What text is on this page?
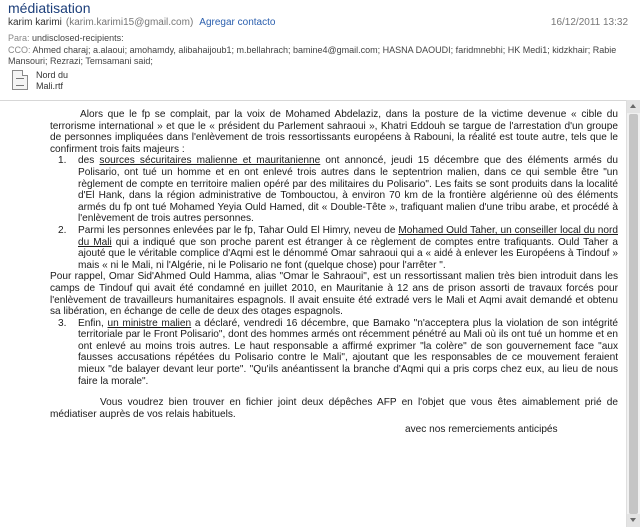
médiatisation
karim karimi (karim.karimi15@gmail.com) Agregar contacto	16/12/2011 13:32
Para: undisclosed-recipients:
CCO: Ahmed charaj; a.alaoui; amohamdy, alibahaijoub1; m.bellahrach; bamine4@gmail.com; HASNA DAOUDI; faridmnebhi; HK Medi1; kidzkhair; Rabie Mansouri; Rezrazi; Temsamani said;
Nord du
Mali.rtf

Alors que le fp se complait, par la voix de Mohamed Abdelaziz, dans la posture de la victime devenue « cible du terrorisme international » et que le « président du Parlement sahraoui », Khatri Eddouh se targue de l'arrestation d'un groupe de personnes impliquées dans l'enlèvement de trois ressortissants européens à Rabouni, la réalité est toute autre, tels que le confirment trois faits majeurs :

1. des sources sécuritaires malienne et mauritanienne ont annoncé, jeudi 15 décembre que des éléments armés du Polisario, ont tué un homme et en ont enlevé trois autres dans le septentrion malien, dans ce qui semble être "un règlement de compte en territoire malien opéré par des militaires du Polisario". Les faits se sont produits dans la localité d'El Hank, dans la région administrative de Tombouctou, à environ 70 km de la frontière algérienne où des éléments armés du fp ont tué Mohamed Yeyia Ould Hamed, dit « Double-Tête », trafiquant malien d'une tribu arabe, et procédé à l'enlèvement de trois autres personnes.
2. Parmi les personnes enlevées par le fp, Tahar Ould El Himry, neveu de Mohamed Ould Taher, un conseiller local du nord du Mali qui a indiqué que son proche parent est étranger à ce règlement de comptes entre trafiquants. Ould Taher a ajouté que le véritable complice d'Aqmi est le dénommé Omar sahraoui qui a « aidé à enlever les Européens à Tindouf » mais « ni le Mali, ni l'Algérie, ni le Polisario ne font (quelque chose) pour l'arrêter ".

Pour rappel, Omar Sid'Ahmed Ould Hamma, alias "Omar le Sahraoui", est un ressortissant malien très bien introduit dans les camps de Tindouf qui avait été condamné en juillet 2010, en Mauritanie à 12 ans de prison assorti de travaux forcés pour l'enlèvement de travailleurs humanitaires espagnols. Il avait ensuite été extradé vers le Mali et Aqmi avait demandé et obtenu sa libération, en échange de celle de deux des otages espagnols.

3. Enfin, un ministre malien a déclaré, vendredi 16 décembre, que Bamako "n'acceptera plus la violation de son intégrité territoriale par le Front Polisario", dont des hommes armés ont récemment pénétré au Mali où ils ont tué un homme et en ont enlevé au moins trois autres. Le haut responsable a affirmé exprimer "la colère" de son gouvernement face "aux fausses accusations répétées du Polisario contre le Mali", ajoutant que les responsables de ce mouvement feraient mieux "de balayer devant leur porte". "Qu'ils anéantissent la branche d'Aqmi qui a pris corps chez eux, au lieu de nous faire la morale".

Vous voudrez bien trouver en fichier joint deux dépêches AFP en l'objet que vous êtes aimablement prié de médiatiser auprès de vos relais habituels.

avec nos remerciements anticipés
